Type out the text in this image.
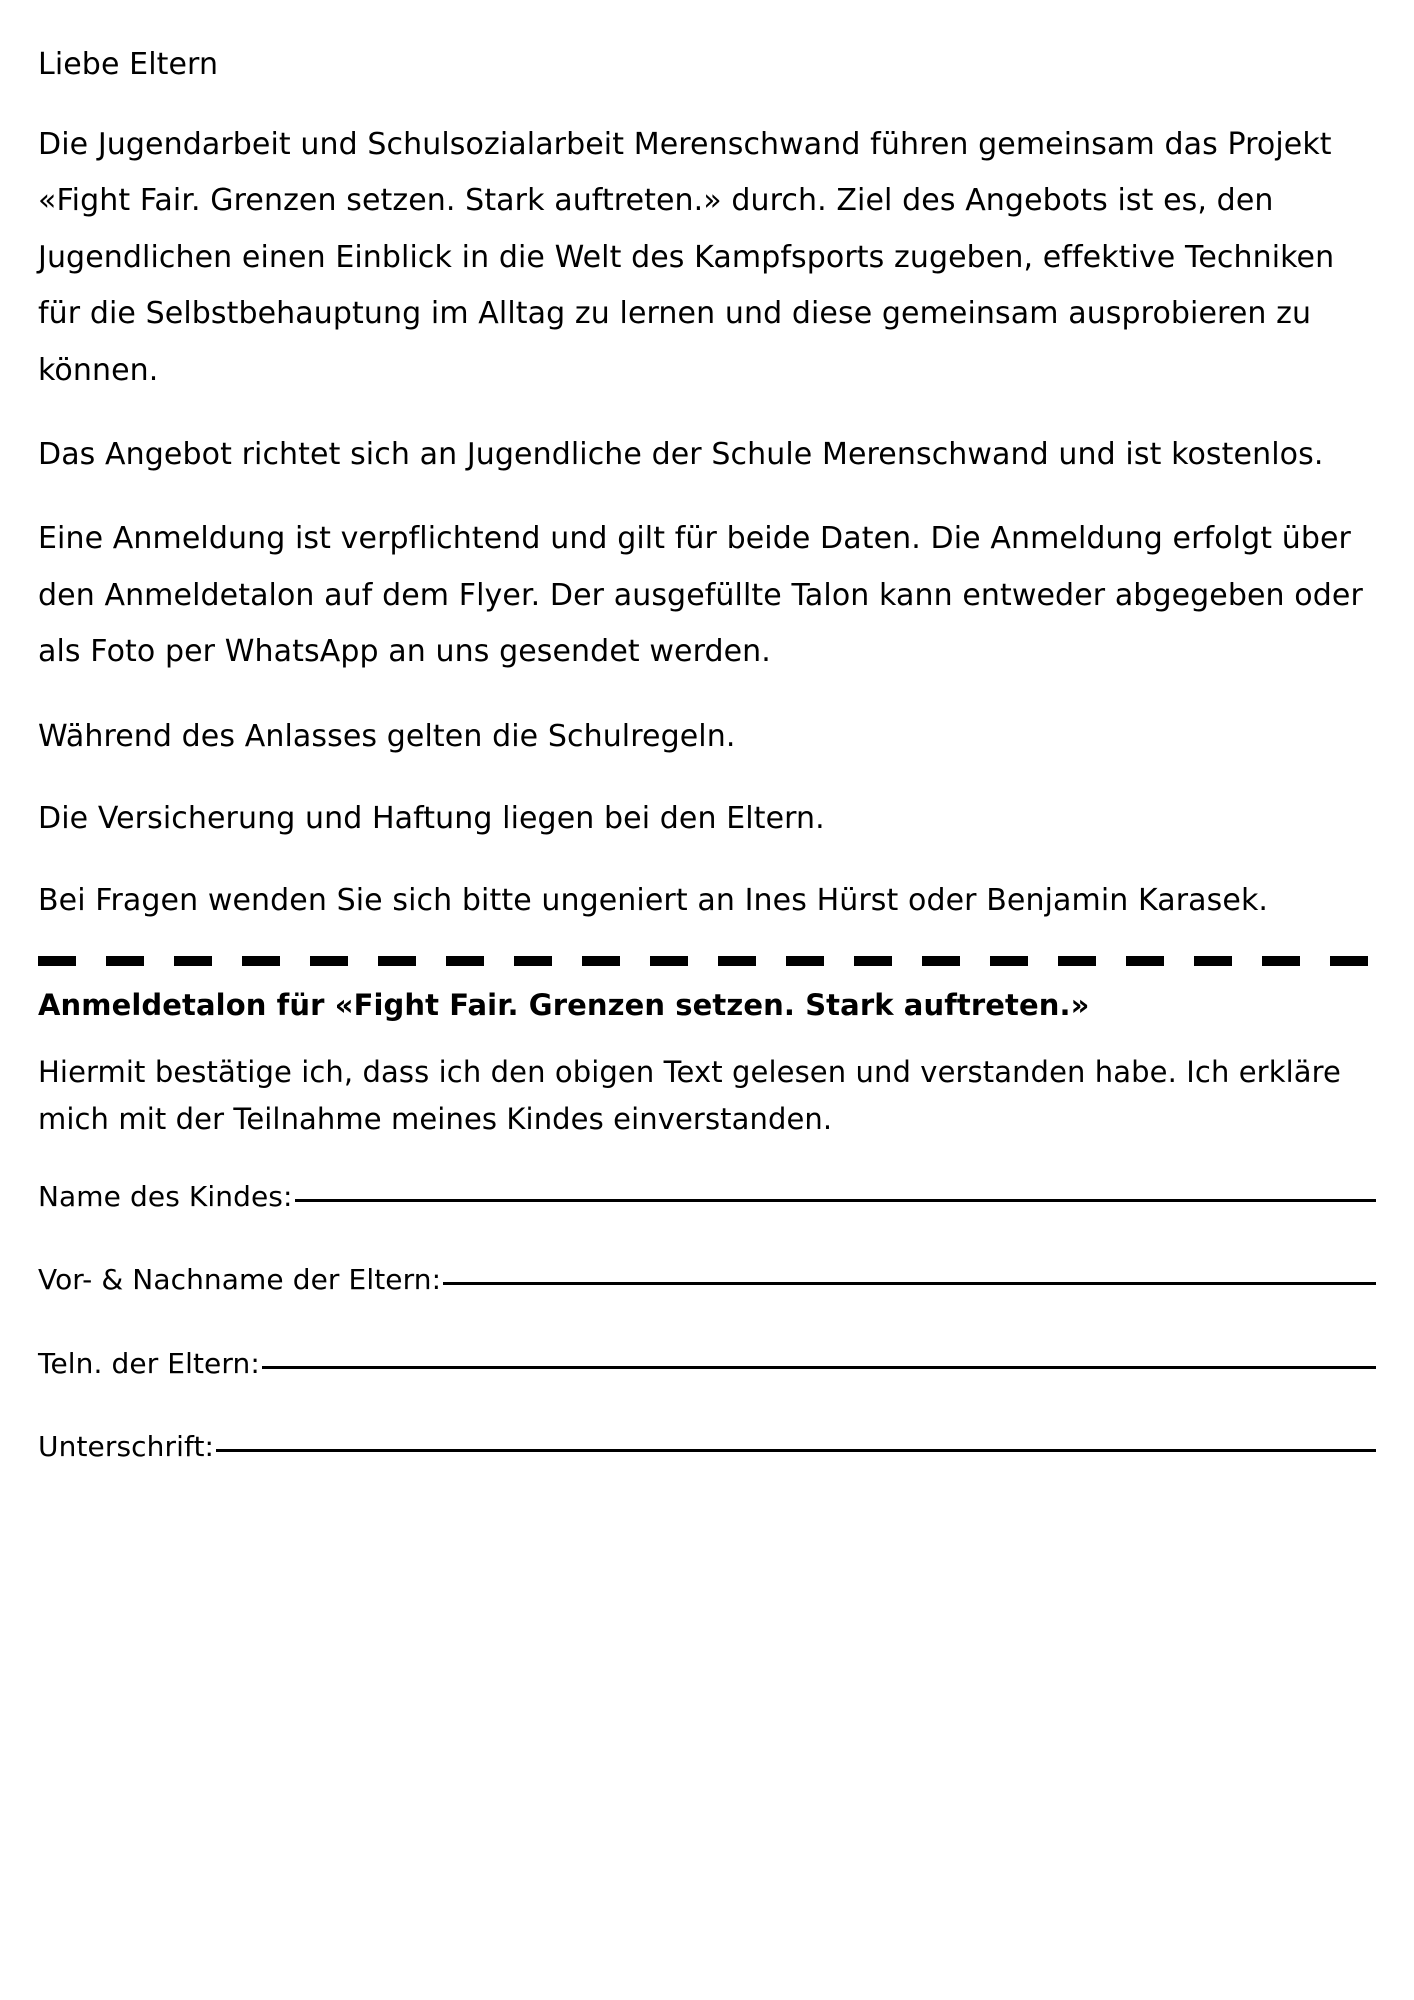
Liebe Eltern

Die Jugendarbeit und Schulsozialarbeit Merenschwand führen gemeinsam das Projekt «Fight Fair. Grenzen setzen. Stark auftreten.» durch. Ziel des Angebots ist es, den Jugendlichen einen Einblick in die Welt des Kampfsports zugeben, effektive Techniken für die Selbstbehauptung im Alltag zu lernen und diese gemeinsam ausprobieren zu können.

Das Angebot richtet sich an Jugendliche der Schule Merenschwand und ist kostenlos.

Eine Anmeldung ist verpflichtend und gilt für beide Daten. Die Anmeldung erfolgt über den Anmeldetalon auf dem Flyer. Der ausgefüllte Talon kann entweder abgegeben oder als Foto per WhatsApp an uns gesendet werden.

Während des Anlasses gelten die Schulregeln.

Die Versicherung und Haftung liegen bei den Eltern.

Bei Fragen wenden Sie sich bitte ungeniert an Ines Hürst oder Benjamin Karasek.

Anmeldetalon für «Fight Fair. Grenzen setzen. Stark auftreten.»
Hiermit bestätige ich, dass ich den obigen Text gelesen und verstanden habe. Ich erkläre mich mit der Teilnahme meines Kindes einverstanden.
Name des Kindes:
Vor- & Nachname der Eltern:
Teln. der Eltern:
Unterschrift:
